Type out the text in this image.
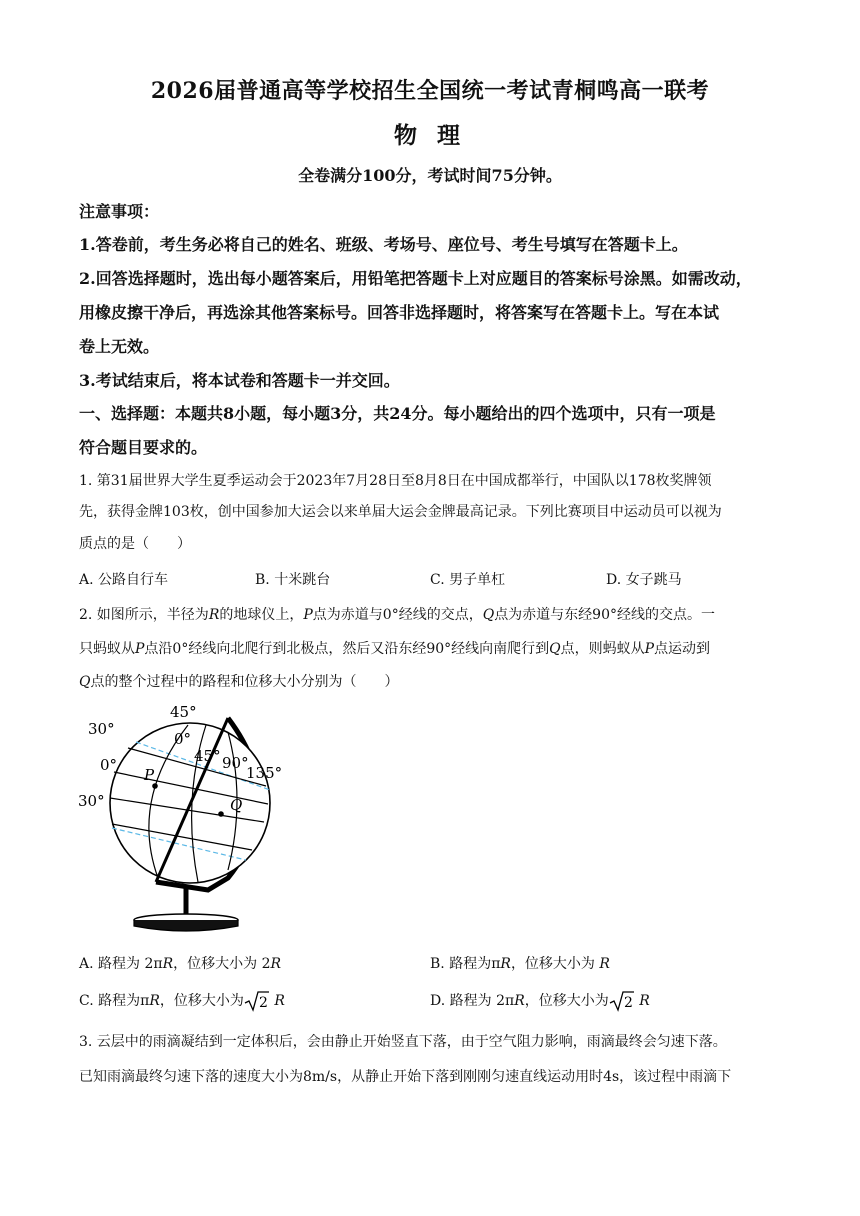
2026届普通高等学校招生全国统一考试青桐鸣高一联考
物 理
全卷满分100分，考试时间75分钟。
注意事项：
1.答卷前，考生务必将自己的姓名、班级、考场号、座位号、考生号填写在答题卡上。
2.回答选择题时，选出每小题答案后，用铅笔把答题卡上对应题目的答案标号涂黑。如需改动，
用橡皮擦干净后，再选涂其他答案标号。回答非选择题时，将答案写在答题卡上。写在本试
卷上无效。
3.考试结束后，将本试卷和答题卡一并交回。
一、选择题：本题共8小题，每小题3分，共24分。每小题给出的四个选项中，只有一项是
符合题目要求的。
1. 第31届世界大学生夏季运动会于2023年7月28日至8月8日在中国成都举行，中国队以178枚奖牌领
先，获得金牌103枚，创中国参加大运会以来单届大运会金牌最高记录。下列比赛项目中运动员可以视为
质点的是（　　）
A. 公路自行车	B. 十米跳台	C. 男子单杠	D. 女子跳马
2. 如图所示，半径为R的地球仪上，P点为赤道与0°经线的交点，Q点为赤道与东经90°经线的交点。一
只蚂蚁从P点沿0°经线向北爬行到北极点，然后又沿东经90°经线向南爬行到Q点，则蚂蚁从P点运动到
Q点的整个过程中的路程和位移大小分别为（　　）
45°
30°
0°
45° 90°
135°
0°
30°
P
Q
A. 路程为 2πR，位移大小为 2R	B. 路程为πR，位移大小为 R
C. 路程为πR，位移大小为 2 R	D. 路程为 2πR，位移大小为 2 R
3. 云层中的雨滴凝结到一定体积后，会由静止开始竖直下落，由于空气阻力影响，雨滴最终会匀速下落。
已知雨滴最终匀速下落的速度大小为8m/s，从静止开始下落到刚刚匀速直线运动用时4s，该过程中雨滴下
